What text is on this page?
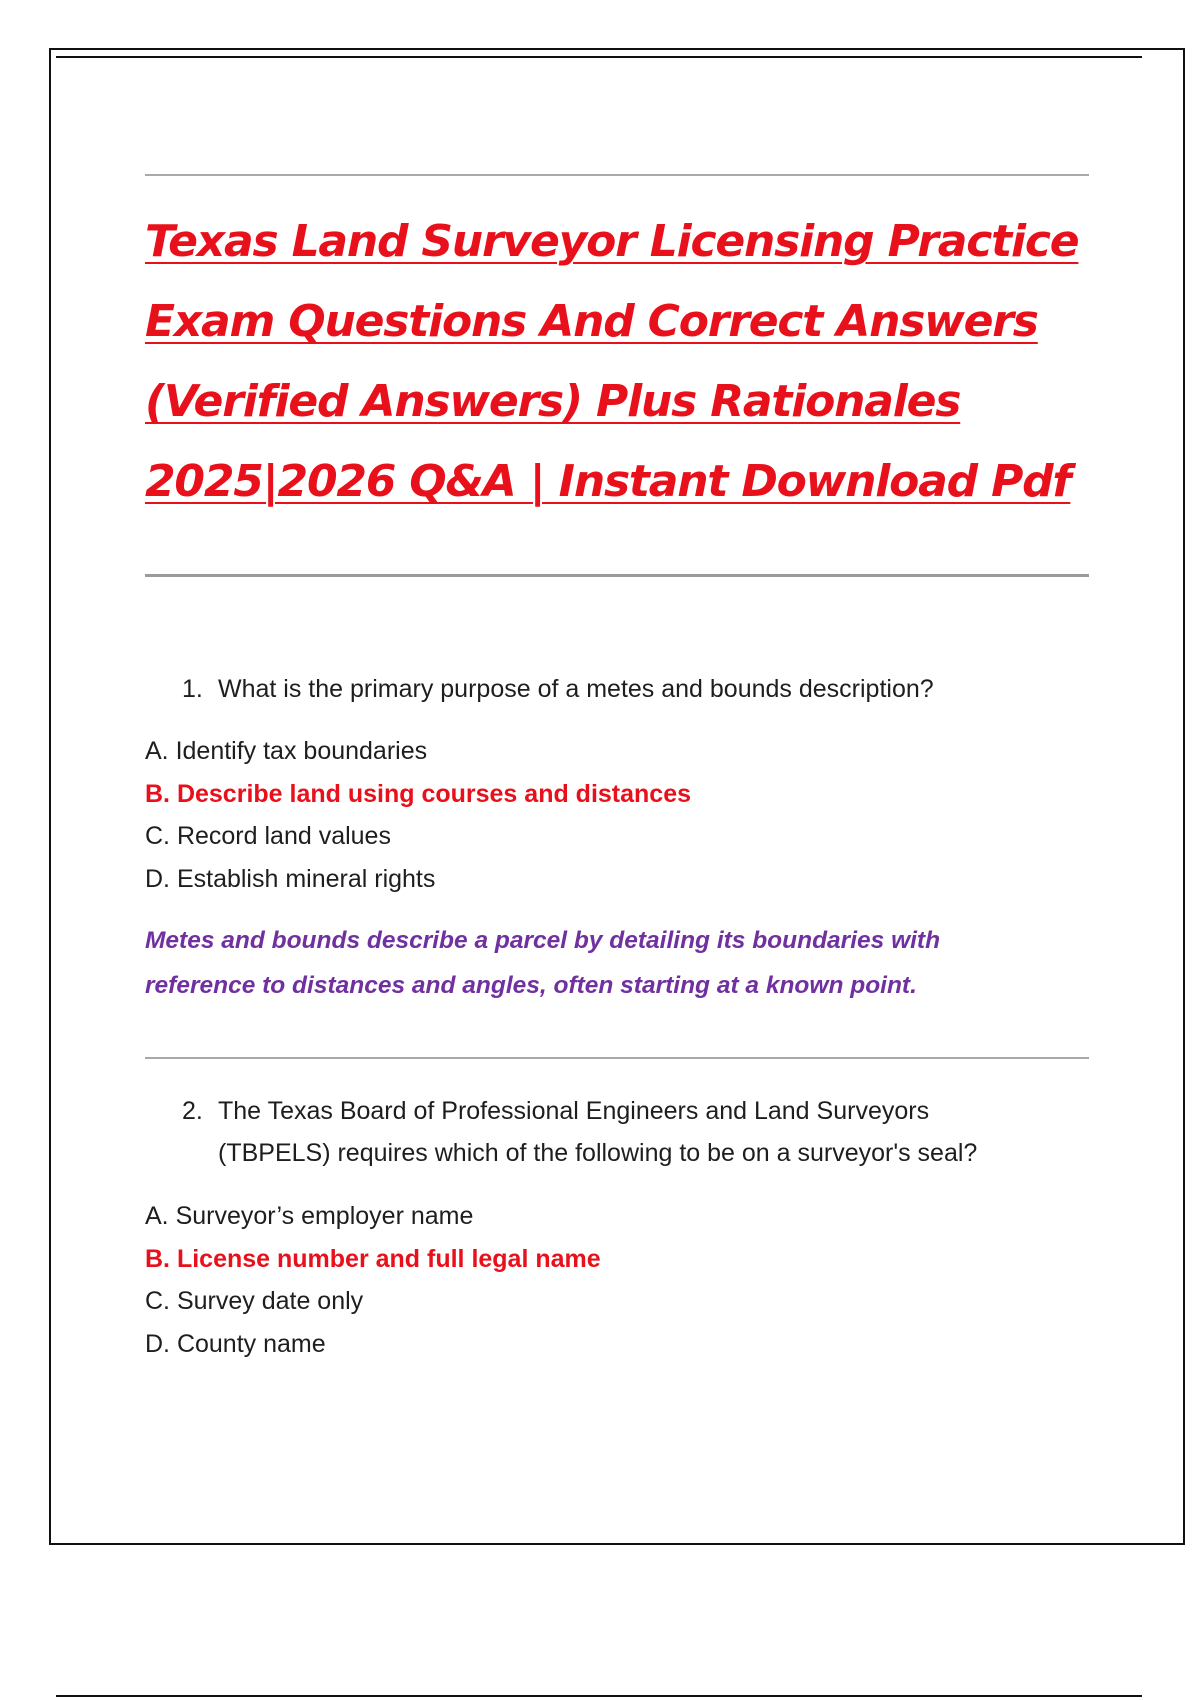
Texas Land Surveyor Licensing Practice
Exam Questions And Correct Answers
(Verified Answers) Plus Rationales
2025|2026 Q&A | Instant Download Pdf
1. What is the primary purpose of a metes and bounds description?
A. Identify tax boundaries
B. Describe land using courses and distances
C. Record land values
D. Establish mineral rights
Metes and bounds describe a parcel by detailing its boundaries with
reference to distances and angles, often starting at a known point.
2. The Texas Board of Professional Engineers and Land Surveyors
(TBPELS) requires which of the following to be on a surveyor's seal?
A. Surveyor’s employer name
B. License number and full legal name
C. Survey date only
D. County name
